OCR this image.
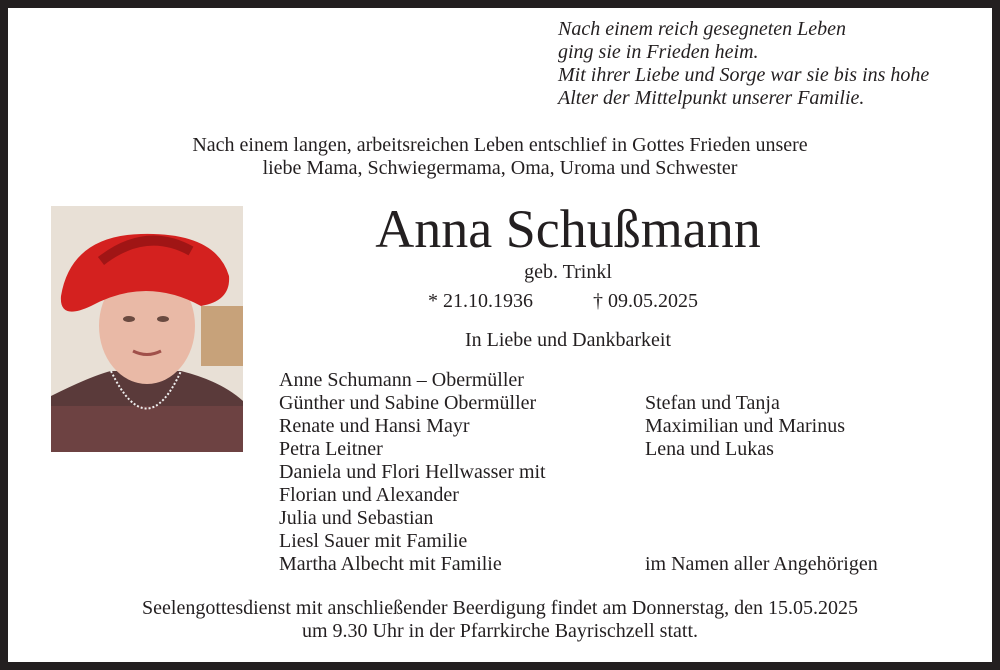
Nach einem reich gesegneten Leben
ging sie in Frieden heim.
Mit ihrer Liebe und Sorge war sie bis ins hohe
Alter der Mittelpunkt unserer Familie.
Nach einem langen, arbeitsreichen Leben entschlief in Gottes Frieden unsere
liebe Mama, Schwiegermama, Oma, Uroma und Schwester
Anna Schußmann
geb. Trinkl
* 21.10.1936	† 09.05.2025
In Liebe und Dankbarkeit
Anne Schumann – Obermüller
Günther und Sabine Obermüller
Renate und Hansi Mayr
Petra Leitner
Daniela und Flori Hellwasser mit
Florian und Alexander
Julia und Sebastian
Liesl Sauer mit Familie
Martha Albecht mit Familie
Stefan und Tanja
Maximilian und Marinus
Lena und Lukas
im Namen aller Angehörigen
Seelengottesdienst mit anschließender Beerdigung findet am Donnerstag, den 15.05.2025
um 9.30 Uhr in der Pfarrkirche Bayrischzell statt.
